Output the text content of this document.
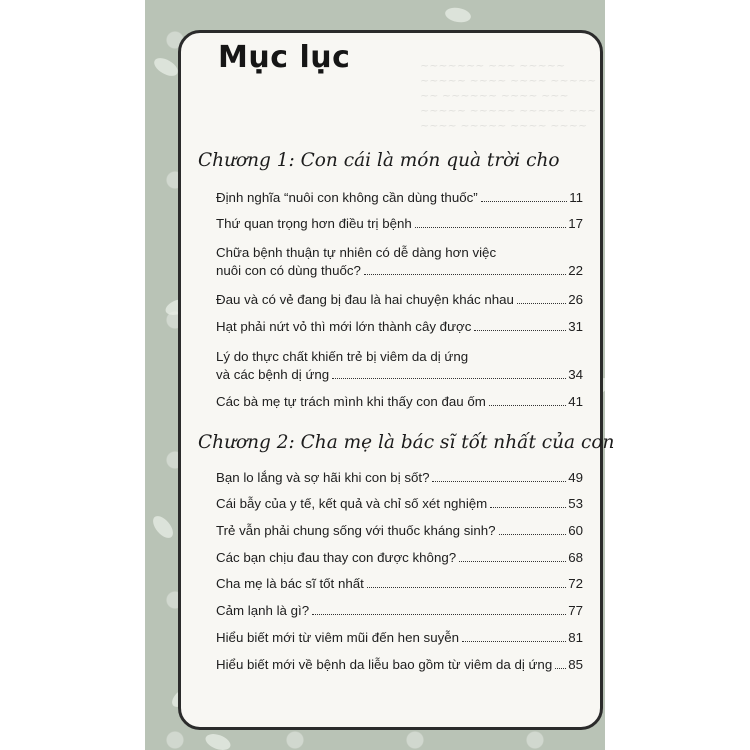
~~~~~~~ ~~~ ~~~~~ ~~~~~ ~~~~ ~~~~ ~~~~~ ~~ ~~~~~~ ~~~~ ~~~ ~~~~~ ~~~~~ ~~~~~ ~~~ ~~~~ ~~~~~ ~~~~ ~~~~
Mục lục
Chương 1: Con cái là món quà trời cho
Định nghĩa “nuôi con không cần dùng thuốc”	11
Thứ quan trọng hơn điều trị bệnh	17
Chữa bệnh thuận tự nhiên có dễ dàng hơn việc
nuôi con có dùng thuốc?	22
Đau và có vẻ đang bị đau là hai chuyện khác nhau	26
Hạt phải nứt vỏ thì mới lớn thành cây được	31
Lý do thực chất khiến trẻ bị viêm da dị ứng
và các bệnh dị ứng	34
Các bà mẹ tự trách mình khi thấy con đau ốm	41
Chương 2: Cha mẹ là bác sĩ tốt nhất của con
Bạn lo lắng và sợ hãi khi con bị sốt?	49
Cái bẫy của y tế, kết quả và chỉ số xét nghiệm	53
Trẻ vẫn phải chung sống với thuốc kháng sinh?	60
Các bạn chịu đau thay con được không?	68
Cha mẹ là bác sĩ tốt nhất	72
Cảm lạnh là gì?	77
Hiểu biết mới từ viêm mũi đến hen suyễn	81
Hiểu biết mới về bệnh da liễu bao gồm từ viêm da dị ứng 85
